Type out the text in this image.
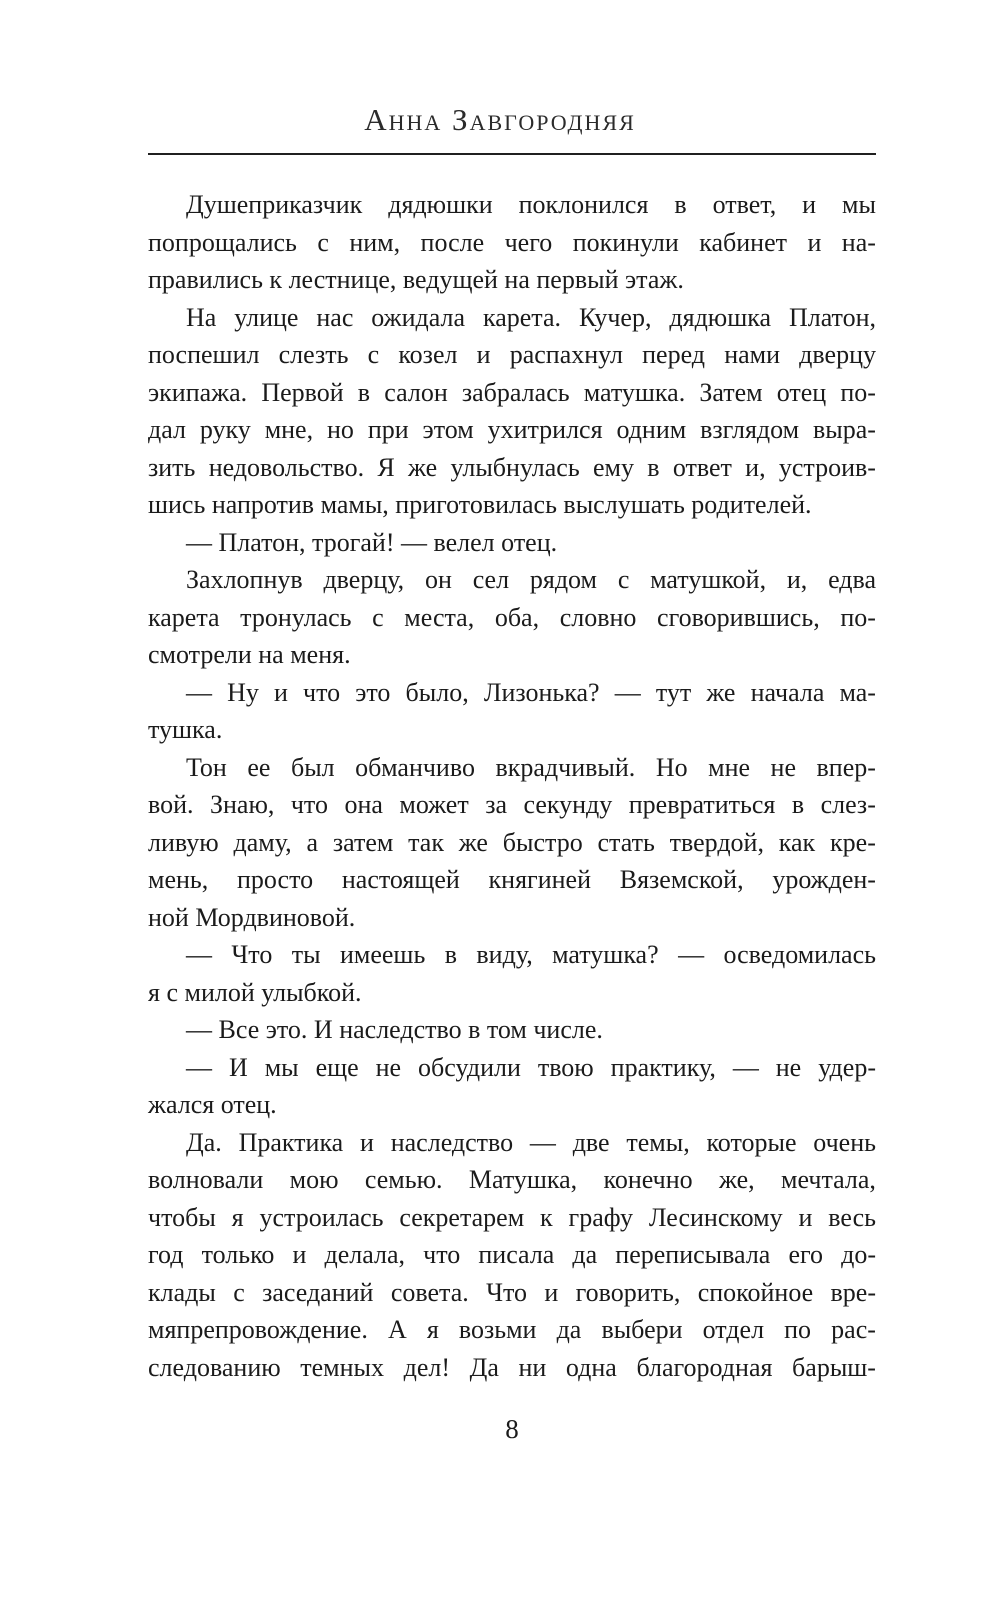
Анна Завгородняя
Душеприказчик дядюшки поклонился в ответ, и мы
попрощались с ним, после чего покинули кабинет и на-
правились к лестнице, ведущей на первый этаж.
На улице нас ожидала карета. Кучер, дядюшка Платон,
поспешил слезть с козел и распахнул перед нами дверцу
экипажа. Первой в салон забралась матушка. Затем отец по-
дал руку мне, но при этом ухитрился одним взглядом выра-
зить недовольство. Я же улыбнулась ему в ответ и, устроив-
шись напротив мамы, приготовилась выслушать родителей.
— Платон, трогай! — велел отец.
Захлопнув дверцу, он сел рядом с матушкой, и, едва
карета тронулась с места, оба, словно сговорившись, по-
смотрели на меня.
— Ну и что это было, Лизонька? — тут же начала ма-
тушка.
Тон ее был обманчиво вкрадчивый. Но мне не впер-
вой. Знаю, что она может за секунду превратиться в слез-
ливую даму, а затем так же быстро стать твердой, как кре-
мень, просто настоящей княгиней Вяземской, урожден-
ной Мордвиновой.
— Что ты имеешь в виду, матушка? — осведомилась
я с милой улыбкой.
— Все это. И наследство в том числе.
— И мы еще не обсудили твою практику, — не удер-
жался отец.
Да. Практика и наследство — две темы, которые очень
волновали мою семью. Матушка, конечно же, мечтала,
чтобы я устроилась секретарем к графу Лесинскому и весь
год только и делала, что писала да переписывала его до-
клады с заседаний совета. Что и говорить, спокойное вре-
мяпрепровождение. А я возьми да выбери отдел по рас-
следованию темных дел! Да ни одна благородная барыш-
8
